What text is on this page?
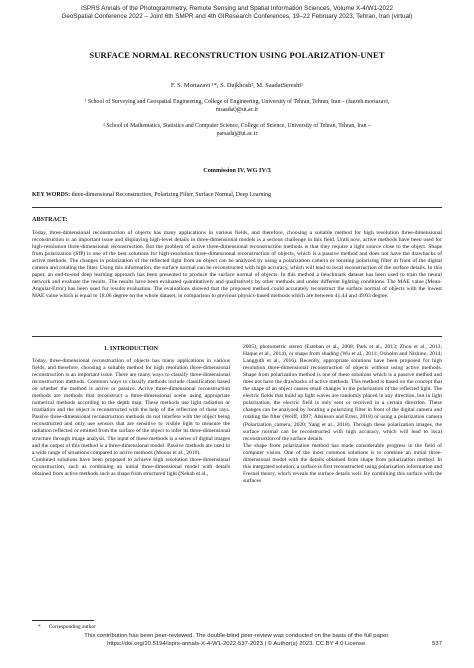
ISPRS Annals of the Photogrammetry, Remote Sensing and Spatial Information Sciences, Volume X-4/W1-2022
GeoSpatial Conference 2022 – Joint 6th SMPR and 4th GIResearch Conferences, 19–22 February 2023, Tehran, Iran (virtual)
SURFACE NORMAL RECONSTRUCTION USING POLARIZATION-UNET
F. S. Mortazavi ¹*, S. Dajkhosh², M. SaadatSeresht¹
¹ School of Surveying and Geospatial Engineering, College of Engineering, University of Tehran, Tehran, Iran – (faezeh.mortazavi,
msaadat)@ut.ac.ir
² School of Mathematics, Statistics and Computer Science, College of Science, University of Tehran, Tehran, Iran –
parsadaj@ut.ac.ir
Commission IV, WG IV/3
KEY WORDS: three-dimensional Reconstruction, Polarizing Filter, Surface Normal, Deep Learning
ABSTRACT:
Today, three-dimensional reconstruction of objects has many applications in various fields, and therefore, choosing a suitable method for high resolution three-dimensional reconstruction is an important issue and displaying high-level details in three-dimensional models is a serious challenge in this field. Until now, active methods have been used for high-resolution three-dimensional reconstruction. But the problem of active three-dimensional reconstruction methods is that they require a light source close to the object. Shape from polarization (SfP) is one of the best solutions for high-resolution three-dimensional reconstruction of objects, which is a passive method and does not have the drawbacks of active methods. The changes in polarization of the reflected light from an object can be analyzed by using a polarization camera or locating polarizing filter in front of the digital camera and rotating the filter. Using this information, the surface normal can be reconstructed with high accuracy, which will lead to local reconstruction of the surface details. In this paper, an end-to-end deep learning approach has been presented to produce the surface normal of objects. In this method a benchmark dataset has been used to train the neural network and evaluate the results. The results have been evaluated quantitatively and qualitatively by other methods and under different lighting conditions. The MAE value (Mean-Angular-Error) has been used for results evaluation. The evaluations showed that the proposed method could accurately reconstruct the surface normal of objects with the lowest MAE value which is equal to 18.06 degree on the whole dataset, in comparison to previous physics-based methods which are between 41.44 and 49.03 degree.
1. INTRODUCTION

Today, three-dimensional reconstruction of objects has many applications in various fields, and therefore, choosing a suitable method for high resolution three-dimensional reconstruction is an important issue. There are many ways to classify three-dimensional reconstruction methods. Common ways to classify methods include classification based on whether the method is active or passive. Active three-dimensional reconstruction methods are methods that reconstruct a three-dimensional scene using appropriate numerical methods according to the depth map. These methods use light radiation or irradiation and the object is reconstructed with the help of the reflection of these rays. Passive three-dimensional reconstruction methods do not interfere with the object being reconstructed and only use sensors that are sensitive to visible light to measure the radiation reflected or emitted from the surface of the object to infer its three-dimensional structure through image analysis. The input of these methods is a series of digital images and the output of this method is a three-dimensional model. Passive methods are used in a wide range of situations compared to active methods (Moons et al., 2010).

Combined solutions have been proposed to achieve high resolution three-dimensional reconstruction, such as combining an initial three-dimensional model with details obtained from active methods such as shape from structured light (Nehab et al.,

2005), photometric stereo (Esteban et al., 2008; Park et al., 2013; Zhou et al., 2013; Haque et al., 2014), or shape from shading (Wu et al., 2011; Oxholm and Nishino, 2014; Langguth et al., 2016). Recently, appropriate solutions have been proposed for high resolution three-dimensional reconstruction of objects without using active methods. Shape from polarization method is one of these solutions which is a passive method and does not have the drawbacks of active methods. This method is based on the concept that the shape of an object causes small changes in the polarization of the reflected light. The electric fields that build up light waves are randomly placed in any direction, but in light polarization, the electric field is only sent or received in a certain direction. These changes can be analyzed by locating a polarizing filter in front of the digital camera and rotating the filter (Wolff, 1997; Atkinson and Ernst, 2018) or using a polarization camera (Polarization_camera, 2020; Yang et al., 2018). Through these polarization images, the surface normal can be reconstructed with high accuracy, which will lead to local reconstruction of the surface details.

The shape from polarization method has made considerable progress in the field of computer vision. One of the most common solutions is to combine an initial three-dimensional model with the details obtained from shape from polarization method. In this integrated solution, a surface is first reconstructed using polarization information and Fresnel theory, which reveals the surface details well. By combining this surface with the surfaces

* Corresponding author
This contribution has been peer-reviewed. The double-blind peer-review was conducted on the basis of the full paper.
https://doi.org/10.5194/isprs-annals-X-4-W1-2022-537-2023 | © Author(s) 2023. CC BY 4.0 License.	537
